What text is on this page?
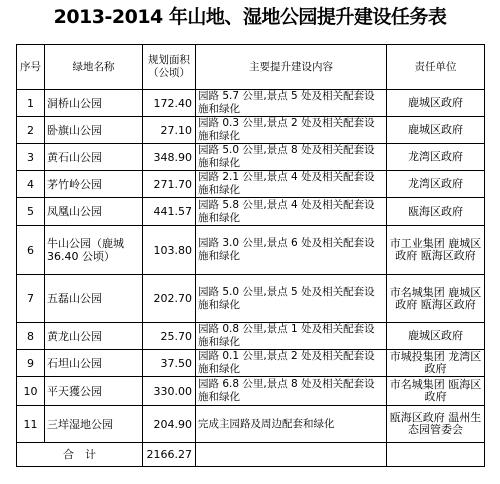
2013-2014 年山地、湿地公园提升建设任务表
序号	绿地名称	规划面积（公顷）	主要提升建设内容	责任单位
1	洞桥山公园	172.40	园路 5.7 公里,景点 5 处及相关配套设施和绿化	鹿城区政府
2	卧旗山公园	27.10	园路 0.3 公里,景点 2 处及相关配套设施和绿化	鹿城区政府
3	黄石山公园	348.90	园路 5.0 公里,景点 8 处及相关配套设施和绿化	龙湾区政府
4	茅竹岭公园	271.70	园路 2.1 公里,景点 4 处及相关配套设施和绿化	龙湾区政府
5	凤凰山公园	441.57	园路 5.8 公里,景点 4 处及相关配套设施和绿化	瓯海区政府
6	牛山公园（鹿城 36.40 公顷）	103.80	园路 3.0 公里,景点 6 处及相关配套设施和绿化	市工业集团 鹿城区政府 瓯海区政府
7	五磊山公园	202.70	园路 5.0 公里,景点 5 处及相关配套设施和绿化	市名城集团 鹿城区政府 瓯海区政府
8	黄龙山公园	25.70	园路 0.8 公里,景点 1 处及相关配套设施和绿化	鹿城区政府
9	石坦山公园	37.50	园路 0.1 公里,景点 2 处及相关配套设施和绿化	市城投集团 龙湾区政府
10	平天獲公园	330.00	园路 6.8 公里,景点 8 处及相关配套设施和绿化	市名城集团 瓯海区政府
11	三垟湿地公园	204.90	完成主园路及周边配套和绿化	瓯海区政府 温州生态园管委会
合　计		2166.27		
